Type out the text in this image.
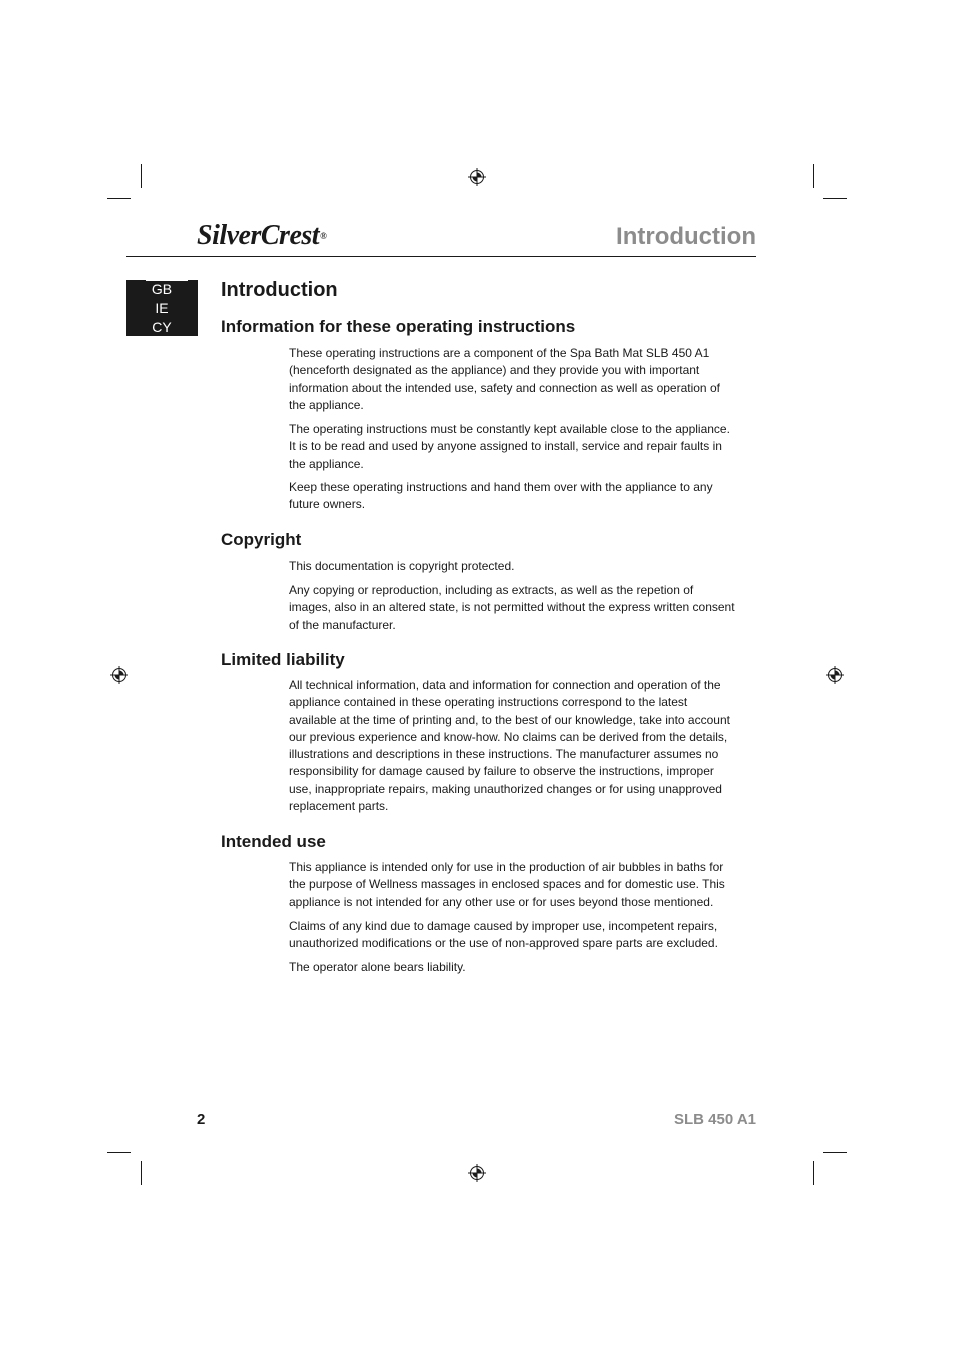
SilverCrest®	Introduction
GB
IE
CY
Introduction
Information for these operating instructions

These operating instructions are a component of the Spa Bath Mat SLB 450 A1 (henceforth designated as the appliance) and they provide you with important information about the intended use, safety and connection as well as operation of the appliance.

The operating instructions must be constantly kept available close to the appliance. It is to be read and used by anyone assigned to install, service and repair faults in the appliance.

Keep these operating instructions and hand them over with the appliance to any future owners.

Copyright

This documentation is copyright protected.

Any copying or reproduction, including as extracts, as well as the repetion of images, also in an altered state, is not permitted without the express written consent of the manufacturer.

Limited liability

All technical information, data and information for connection and operation of the appliance contained in these operating instructions correspond to the latest available at the time of printing and, to the best of our knowledge, take into account our previous experience and know-how. No claims can be derived from the details, illustrations and descriptions in these instructions. The manufacturer assumes no responsibility for damage caused by failure to observe the instructions, improper use, inappropriate repairs, making unauthorized changes or for using unapproved replacement parts.

Intended use

This appliance is intended only for use in the production of air bubbles in baths for the purpose of Wellness massages in enclosed spaces and for domestic use. This appliance is not intended for any other use or for uses beyond those mentioned.

Claims of any kind due to damage caused by improper use, incompetent repairs, unauthorized modifications or the use of non-approved spare parts are excluded.

The operator alone bears liability.

2	SLB 450 A1
